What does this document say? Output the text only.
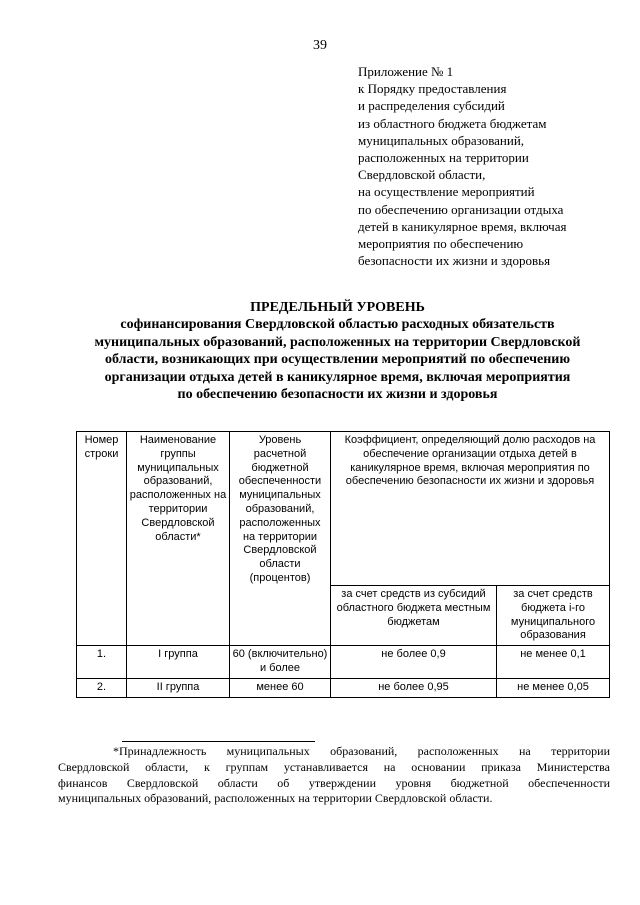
39
Приложение № 1
к Порядку предоставления
и распределения субсидий
из областного бюджета бюджетам
муниципальных образований,
расположенных на территории
Свердловской области,
на осуществление мероприятий
по обеспечению организации отдыха
детей в каникулярное время, включая
мероприятия по обеспечению
безопасности их жизни и здоровья
ПРЕДЕЛЬНЫЙ УРОВЕНЬ
софинансирования Свердловской областью расходных обязательств
муниципальных образований, расположенных на территории Свердловской
области, возникающих при осуществлении мероприятий по обеспечению
организации отдыха детей в каникулярное время, включая мероприятия
по обеспечению безопасности их жизни и здоровья
Номер строки	Наименование группы муниципальных образований, расположенных на территории Свердловской области*	Уровень расчетной бюджетной обеспеченности муниципальных образований, расположенных на территории Свердловской области (процентов)	Коэффициент, определяющий долю расходов на обеспечение организации отдыха детей в каникулярное время, включая мероприятия по обеспечению безопасности их жизни и здоровья	
			за счет средств из субсидий областного бюджета местным бюджетам	за счет средств бюджета i-го муниципального образования
1.	I группа	60 (включительно) и более	не более 0,9	не менее 0,1
2.	II группа	менее 60	не более 0,95	не менее 0,05
*Принадлежность муниципальных образований, расположенных на территории
Свердловской области, к группам устанавливается на основании приказа Министерства
финансов Свердловской области об утверждении уровня бюджетной обеспеченности
муниципальных образований, расположенных на территории Свердловской области.
